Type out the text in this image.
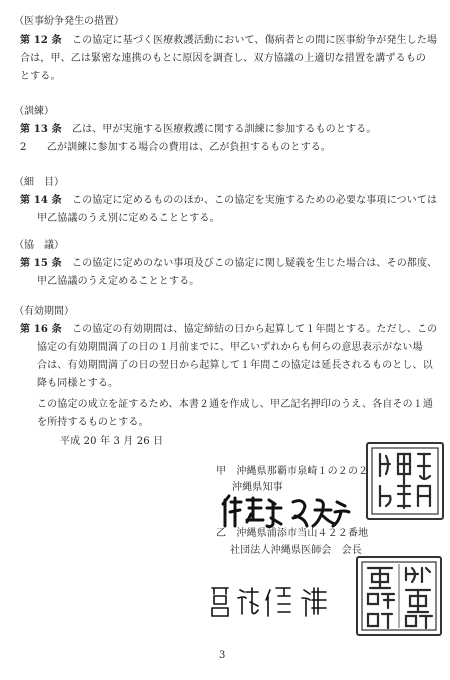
（医事紛争発生の措置）
第 12 条　 この協定に基づく医療救護活動において、傷病者との間に医事紛争が発生した場
合は，甲、乙は緊密な連携のもとに原因を調査し、双方協議の上適切な措置を講ずるもの
とする。
（訓練）
第 13 条　 乙は、甲が実施する医療救護に関する訓練に参加するものとする。
2　　 乙が訓練に参加する場合の費用は、乙が負担するものとする。
（細　目）
第 14 条　 この協定に定めるもののほか、この協定を実施するための必要な事項については
甲乙協議のうえ別に定めることとする。
（協　議）
第 15 条　 この協定に定めのない事項及びこの協定に関し疑義を生じた場合は、その都度、
甲乙協議のうえ定めることとする。
（有効期間）
第 16 条　 この協定の有効期間は、協定締結の日から起算して１年間とする。ただし、この
協定の有効期間満了の日の１月前までに、甲乙いずれからも何らの意思表示がない場
合は、有効期間満了の日の翌日から起算して１年間この協定は延長されるものとし、以
降も同様とする。
この協定の成立を証するため、本書２通を作成し、甲乙記名押印のうえ、各自その１通
を所持するものとする。
平成 20 年 3 月 26 日
甲　 沖縄県那覇市泉崎１の２の２
沖縄県知事
乙　 沖縄県浦添市当山４２２番地
社団法人沖縄県医師会　会長
3
